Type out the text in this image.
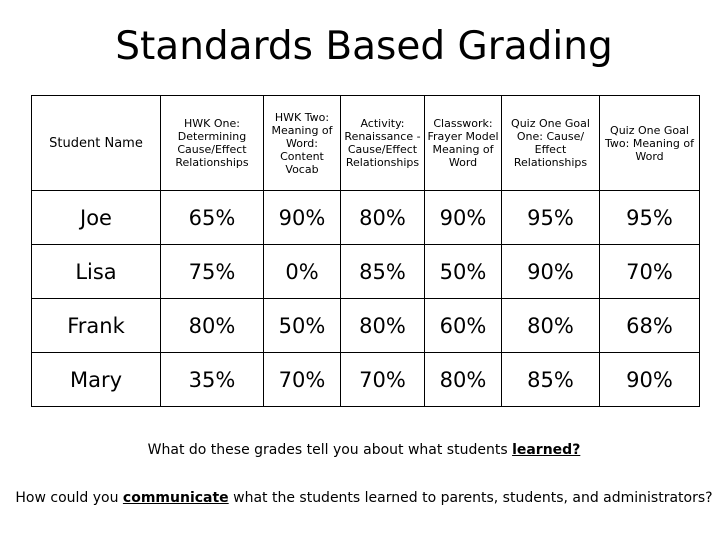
Standards Based Grading
Student Name	HWK One: Determining Cause/Effect Relationships	HWK Two: Meaning of Word: Content Vocab	Activity: Renaissance - Cause/Effect Relationships	Classwork: Frayer Model Meaning of Word	Quiz One Goal One: Cause/ Effect Relationships	Quiz One Goal Two: Meaning of Word

Joe	65%	90%	80%	90%	95%	95%
Lisa	75%	0%	85%	50%	90%	70%
Frank	80%	50%	80%	60%	80%	68%
Mary	35%	70%	70%	80%	85%	90%
What do these grades tell you about what students learned?
How could you communicate what the students learned to parents, students, and administrators?
